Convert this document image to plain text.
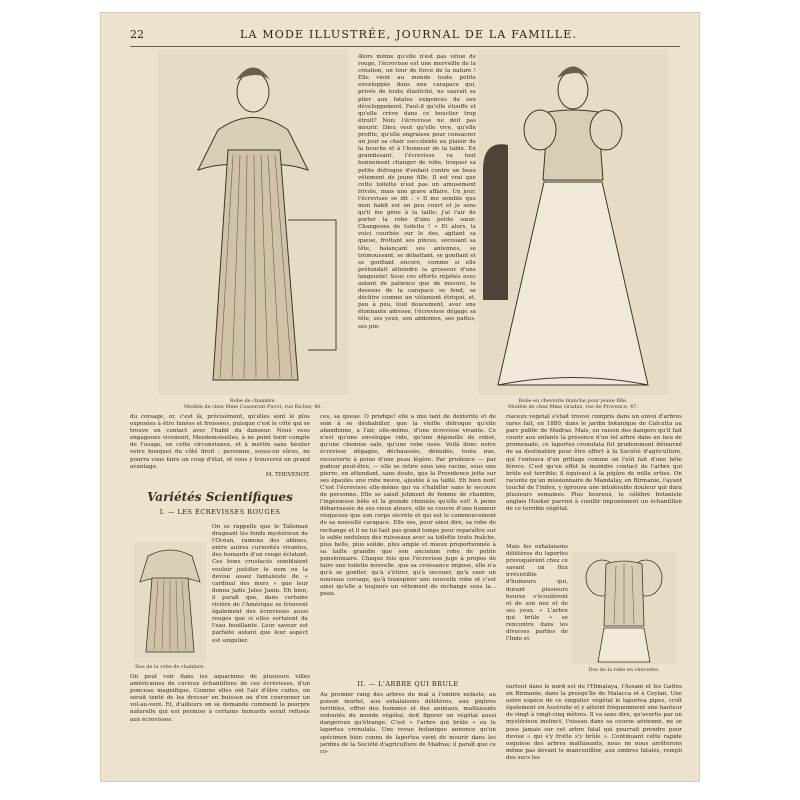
22	LA MODE ILLUSTRÉE, JOURNAL DE LA FAMILLE.
Robe de chambre.
Modèle de chez Mme Cosseront-Puvot, rue Richer, 40.

Alors même qu'elle n'est pas vêtue de rouge, l'écrevisse est une merveille de la création, un tour de force de la nature ! Elle vient au monde toute petite enveloppée dans une carapace qui, privée de toute élasticité, ne saurait se plier aux fatales exigences de son développement. Faut-il qu'elle étouffe et qu'elle crève dans ce bouclier trop étroit? Non; l'écrevisse ne doit pas mourir. Dieu veut qu'elle vive, qu'elle profite, qu'elle engraisse pour consacrer un jour sa chair succulente au plaisir de la bouche et à l'honneur de la table. En grandissant, l'écrevisse va tout bonnement changer de robe, troquer sa petite défroque d'enfant contre un beau vêtement de jeune fille. Il est vrai que cette toilette n'est pas un amusement frivole, mais une grave affaire. Un jour, l'écrevisse se dit : « Il me semble que mon habit est un peu court et je sens qu'il me gêne à la taille; j'ai l'air de porter la robe d'une petite sœur. Changeons de toilette ! » Et alors, la voici courbée sur le dos, agitant sa queue, frottant ses pinces, secouant sa tête, balançant ses antennes, se trémoussant, se débattant, se gonflant et se gonflant encore, comme si elle prétendait atteindre la grosseur d'une langouste! Sous ces efforts répétés avec autant de patience que de mesure, le dessous de la carapace se fend, se déchire comme un vêtement étriqué, et, peu à peu, tout doucement, avec une étonnante adresse, l'écrevisse dégage sa tête, ses yeux, son abdomen, ses pattes, ses pin-

Robe en cheviotte blanche pour jeune fille.
Modèle de chez Mme Gradus, rue de Provence, 47.

du corsage, or, c'est là, précisément, qu'elles sont le plus exposées à être fanées et froissées, puisque c'est le côté qui se trouve en contact avec l'habit du danseur. Nous vous engageons vivement, Mesdemoiselles, à ne point tenir compte de l'usage, en cette circonstance, et à mettre sans hésiter votre bouquet du côté droit : personne, soyez-en sûres, ne pourra vous faire un coup d'état, et vous y trouverez un grand avantage.

M. THEVENOT.
Variétés Scientifiques
I. — LES ÉCREVISSES ROUGES
Dos de la robe de chambre.

On se rappelle que le Talisman draguant les fonds mystérieux de l'Océan, ramena des abîmes, entre autres curiosités vivantes, des homards d'un rouge éclatant. Ces bons crustacés semblaient vouloir justifier le nom ou la devise assez fantaisiste de « cardinal des mers » que leur donna jadis Jules Janin. Eh bien, il paraît que, dans certaine rivière de l'Amérique se trouvent également des écrevisses aussi rouges que si elles sortaient de l'eau bouillante. Leur saveur est parfaite autant que leur aspect est singulier.

On peut voir dans les aquariums de plusieurs villes américaines de curieux échantillons de ces écrevisses, d'un ponceau magnifique. Comme elles ont l'air d'être cuites, on serait tenté de les dresser en buisson ou d'en couronner un vol-au-vent. Et, d'ailleurs on se demande comment la pourpre naturelle qui est permise à certains homards serait refusée aux écrevisses.

ces, sa queue. Ô prodige! elle a mis tant de dextérité et de soin à se déshabiller, que la vieille défroque qu'elle abandonne, a l'air, elle-même, d'une écrevisse vivante. Ce n'est qu'une enveloppe vide, qu'une dépouille de robot, qu'une chemise sale, qu'une robe usée. Voilà donc notre écrevisse dégagée, déchaussée, dénudée, toute nue, recouverte à peine d'une peau légère. Par prudence — par pudeur peut-être, — elle se retire sous une racine, sous une pierre, en attendant, sans doute, que la Providence jette sur ses épaules une robe neuve, ajustée à sa taille. Eh bien non! C'est l'écrevisse elle-même qui va s'habiller sans le secours de personne. Elle se saisit joliment de femme de chambre, l'ingénieuse bête et la grande chimiste qu'elle est! A peine débarrassée de ses vieux atours, elle se couvre d'une humeur visqueuse que son corps sécrète et qui est le commencement de sa nouvelle carapace. Elle ose, pour ainsi dire, sa robe de rechange et il ne lui faut pas grand temps pour reparaître sur le sable onduleux des ruisseaux avec sa toilette toute fraîche, plus belle, plus solide, plus ample et mieux proportionnée à sa taille grandie que son ancienne robe de petite pensionnaire. Chaque fois que l'écrevisse juge à propos de faire une toilette nouvelle, que sa croissance impose, elle n'a qu'à se gonfler, qu'à s'étirer, qu'à secouer, qu'à suer un nouveau corsage, qu'à transpirer une nouvelle robe et c'est ainsi qu'elle a toujours un vêtement de rechange sous la... peau.

II. — L'ARBRE QUI BRULE

Au premier rang des arbres du mal à l'ombre néfaste, au poison mortel, aux exhalaisons délétères, aux piqûres terribles, effroi des hommes et des animaux, malfaisants redoutés du monde végétal, doit figurer un végétal aussi dangereux qu'étrange. C'est « l'arbre qui brûle » ou le laportea crenulata. Une revue botanique annonce qu'un spécimen bien connu de laportea vient de mourir dans les jardins de la Société d'agriculture de Madras; il paraît que ce co-

riaceux végétal s'était trouvé compris dans un envoi d'arbres rares fait, en 1880, dans le jardin botanique de Calcutta au parc public de Madras. Mais, en raison des dangers qu'il fait courir aux enfants la présence d'un tel arbre dans un lieu de promenade, ce laportes crenulata fut prudemment détourné de sa destination pour être offert à la Société d'agriculture, qui l'entoura d'un grillage comme on l'eût fait d'une bête féroce. C'est qu'en effet le moindre contact de l'arbre qui brûle est terrible; il équivaut à la piqûre de mille orties. On raconte qu'un missionnaire de Mandalay, en Birmanie, l'ayant touché de l'index, y éprouva une intolérable douleur qui dura plusieurs semaines. Plus heureux, le célèbre botaniste anglais Hooker parvint à cueillir impunément un échantillon de ce terrible végétal.

Mais les exhalaisons délétères du laportes provoquèrent chez ce savant un flux irrésistible d'humeurs qui, durant plusieurs heures s'écoulèrent et de son nez et de ses yeux. « L'arbre qui brûle » se rencontre dans les diverses parties de l'Inde et

Dos de la robe en cheviotte.

surtout dans le nord est de l'Himalaya, l'Assam et les Gattes en Birmanie, dans la presqu'île de Malacca et à Ceylan. Une autre espèce de ce singulier végétal le laportea pipes, croît également en Australie et y atteint fréquemment une hauteur de vingt à vingt-cinq mètres. Il va sans dire, qu'avertis par un mystérieux instinct, l'oiseau dans sa course aérienne, ne se pose jamais sur cet arbre fatal qui pourrait prendre pour devise « qui s'y frotte s'y brûle ». Continuant cette rapide esquisse des arbres malfaisants, nous ne nous arrêterons même pas devant le mancenillier, aux ombres fatales, rempli des sucs les
